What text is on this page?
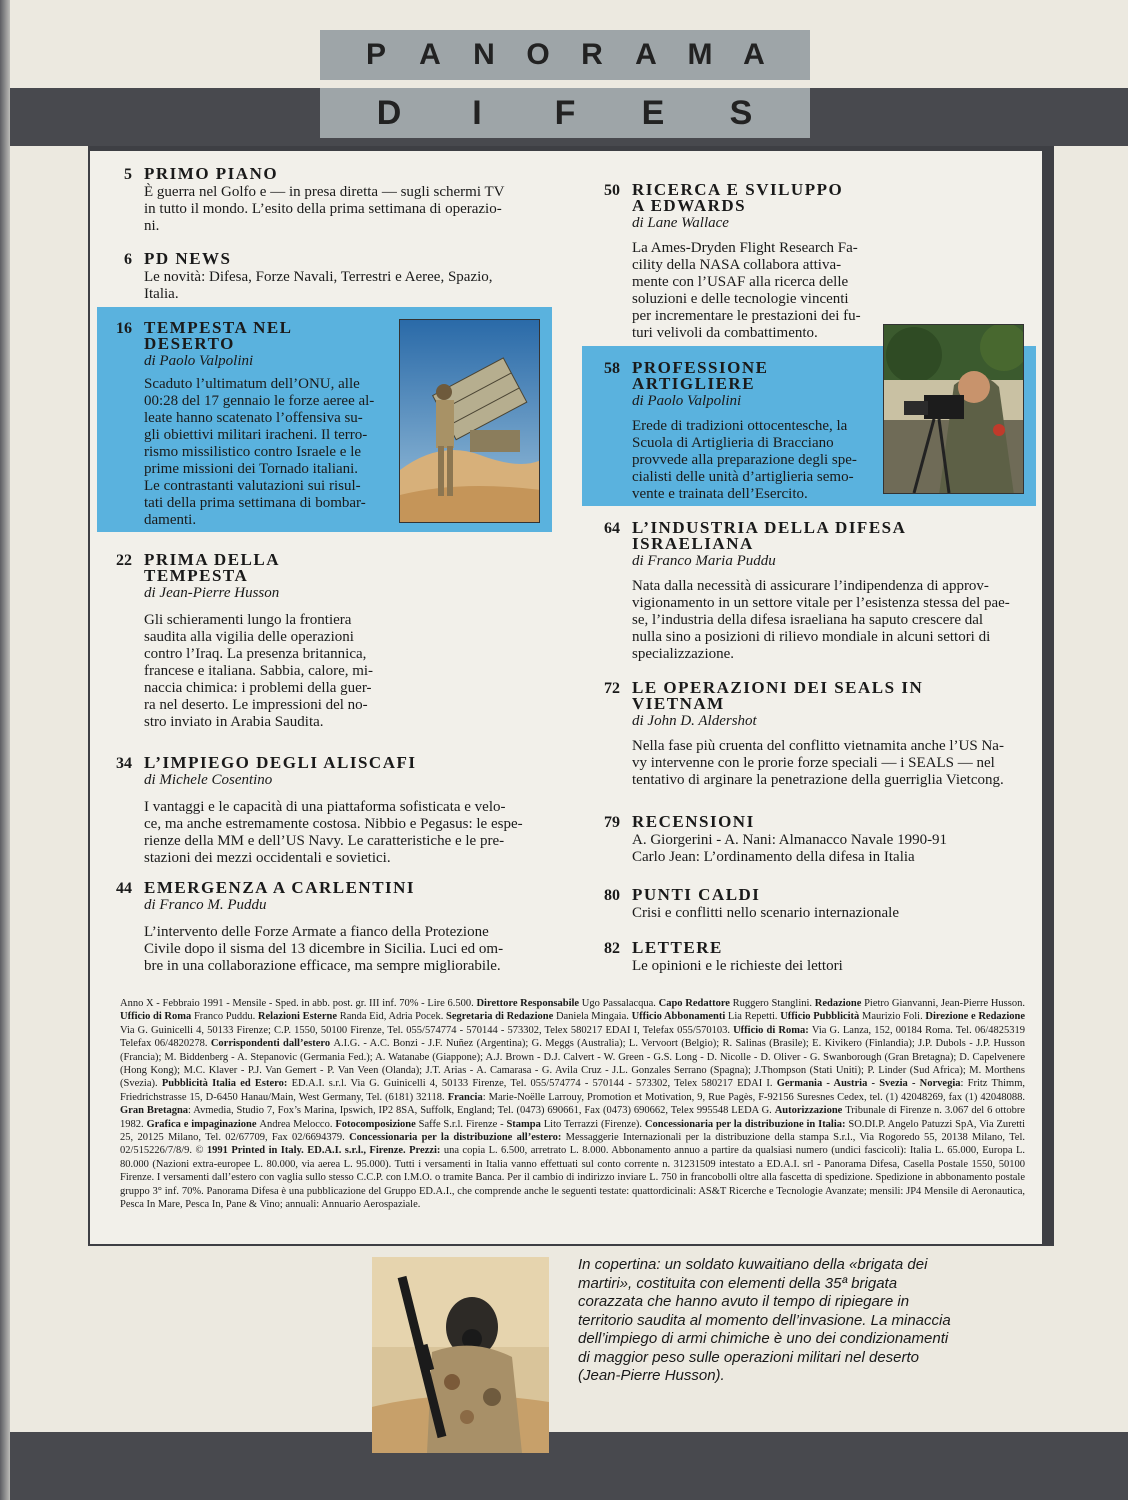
P A N O R A M A
D I F E S
5 PRIMO PIANO
È guerra nel Golfo e — in presa diretta — sugli schermi TV
in tutto il mondo. L’esito della prima settimana di operazio-
ni.
6 PD NEWS
Le novità: Difesa, Forze Navali, Terrestri e Aeree, Spazio,
Italia.
16 TEMPESTA NEL
DESERTO
di Paolo Valpolini
Scaduto l’ultimatum dell’ONU, alle
00:28 del 17 gennaio le forze aeree al-
leate hanno scatenato l’offensiva su-
gli obiettivi militari iracheni. Il terro-
rismo missilistico contro Israele e le
prime missioni dei Tornado italiani.
Le contrastanti valutazioni sui risul-
tati della prima settimana di bombar-
damenti.
22 PRIMA DELLA
TEMPESTA
di Jean-Pierre Husson
Gli schieramenti lungo la frontiera
saudita alla vigilia delle operazioni
contro l’Iraq. La presenza britannica,
francese e italiana. Sabbia, calore, mi-
naccia chimica: i problemi della guer-
ra nel deserto. Le impressioni del no-
stro inviato in Arabia Saudita.
34 L’IMPIEGO DEGLI ALISCAFI
di Michele Cosentino
I vantaggi e le capacità di una piattaforma sofisticata e velo-
ce, ma anche estremamente costosa. Nibbio e Pegasus: le espe-
rienze della MM e dell’US Navy. Le caratteristiche e le pre-
stazioni dei mezzi occidentali e sovietici.
44 EMERGENZA A CARLENTINI
di Franco M. Puddu
L’intervento delle Forze Armate a fianco della Protezione
Civile dopo il sisma del 13 dicembre in Sicilia. Luci ed om-
bre in una collaborazione efficace, ma sempre migliorabile.
50 RICERCA E SVILUPPO
A EDWARDS
di Lane Wallace
La Ames-Dryden Flight Research Fa-
cility della NASA collabora attiva-
mente con l’USAF alla ricerca delle
soluzioni e delle tecnologie vincenti
per incrementare le prestazioni dei fu-
turi velivoli da combattimento.
58 PROFESSIONE
ARTIGLIERE
di Paolo Valpolini
Erede di tradizioni ottocentesche, la
Scuola di Artiglieria di Bracciano
provvede alla preparazione degli spe-
cialisti delle unità d’artiglieria semo-
vente e trainata dell’Esercito.
64 L’INDUSTRIA DELLA DIFESA
ISRAELIANA
di Franco Maria Puddu
Nata dalla necessità di assicurare l’indipendenza di approv-
vigionamento in un settore vitale per l’esistenza stessa del pae-
se, l’industria della difesa israeliana ha saputo crescere dal
nulla sino a posizioni di rilievo mondiale in alcuni settori di
specializzazione.
72 LE OPERAZIONI DEI SEALS IN
VIETNAM
di John D. Aldershot
Nella fase più cruenta del conflitto vietnamita anche l’US Na-
vy intervenne con le prorie forze speciali — i SEALS — nel
tentativo di arginare la penetrazione della guerriglia Vietcong.
79 RECENSIONI
A. Giorgerini - A. Nani: Almanacco Navale 1990-91
Carlo Jean: L’ordinamento della difesa in Italia
80 PUNTI CALDI
Crisi e conflitti nello scenario internazionale
82 LETTERE
Le opinioni e le richieste dei lettori
Anno X - Febbraio 1991 - Mensile - Sped. in abb. post. gr. III inf. 70% - Lire 6.500. Direttore Responsabile Ugo Passalacqua. Capo Redattore Ruggero Stanglini. Redazione Pietro Gianvanni, Jean-Pierre Husson. Ufficio di Roma Franco Puddu. Relazioni Esterne Randa Eid, Adria Pocek. Segretaria di Redazione Daniela Mingaia. Ufficio Abbonamenti Lia Repetti. Ufficio Pubblicità Maurizio Foli. Direzione e Redazione Via G. Guinicelli 4, 50133 Firenze; C.P. 1550, 50100 Firenze, Tel. 055/574774 - 570144 - 573302, Telex 580217 EDAI I, Telefax 055/570103. Ufficio di Roma: Via G. Lanza, 152, 00184 Roma. Tel. 06/4825319 Telefax 06/4820278. Corrispondenti dall’estero A.I.G. - A.C. Bonzi - J.F. Nuñez (Argentina); G. Meggs (Australia); L. Vervoort (Belgio); R. Salinas (Brasile); E. Kivikero (Finlandia); J.P. Dubols - J.P. Husson (Francia); M. Biddenberg - A. Stepanovic (Germania Fed.); A. Watanabe (Giappone); A.J. Brown - D.J. Calvert - W. Green - G.S. Long - D. Nicolle - D. Oliver - G. Swanborough (Gran Bretagna); D. Capelvenere (Hong Kong); M.C. Klaver - P.J. Van Gemert - P. Van Veen (Olanda); J.T. Arias - A. Camarasa - G. Avila Cruz - J.L. Gonzales Serrano (Spagna); J.Thompson (Stati Uniti); P. Linder (Sud Africa); M. Morthens (Svezia). Pubblicità Italia ed Estero: ED.A.I. s.r.l. Via G. Guinicelli 4, 50133 Firenze, Tel. 055/574774 - 570144 - 573302, Telex 580217 EDAI I. Germania - Austria - Svezia - Norvegia: Fritz Thimm, Friedrichstrasse 15, D-6450 Hanau/Main, West Germany, Tel. (6181) 32118. Francia: Marie-Noëlle Larrouy, Promotion et Motivation, 9, Rue Pagès, F-92156 Suresnes Cedex, tel. (1) 42048269, fax (1) 42048088. Gran Bretagna: Avmedia, Studio 7, Fox’s Marina, Ipswich, IP2 8SA, Suffolk, England; Tel. (0473) 690661, Fax (0473) 690662, Telex 995548 LEDA G. Autorizzazione Tribunale di Firenze n. 3.067 del 6 ottobre 1982. Grafica e impaginazione Andrea Melocco. Fotocomposizione Saffe S.r.l. Firenze - Stampa Lito Terrazzi (Firenze). Concessionaria per la distribuzione in Italia: SO.DI.P. Angelo Patuzzi SpA, Via Zuretti 25, 20125 Milano, Tel. 02/67709, Fax 02/6694379. Concessionaria per la distribuzione all’estero: Messaggerie Internazionali per la distribuzione della stampa S.r.l., Via Rogoredo 55, 20138 Milano, Tel. 02/515226/7/8/9. © 1991 Printed in Italy. ED.A.I. s.r.l., Firenze. Prezzi: una copia L. 6.500, arretrato L. 8.000. Abbonamento annuo a partire da qualsiasi numero (undici fascicoli): Italia L. 65.000, Europa L. 80.000 (Nazioni extra-europee L. 80.000, via aerea L. 95.000). Tutti i versamenti in Italia vanno effettuati sul conto corrente n. 31231509 intestato a ED.A.I. srl - Panorama Difesa, Casella Postale 1550, 50100 Firenze. I versamenti dall’estero con vaglia sullo stesso C.C.P. con I.M.O. o tramite Banca. Per il cambio di indirizzo inviare L. 750 in francobolli oltre alla fascetta di spedizione. Spedizione in abbonamento postale gruppo 3° inf. 70%. Panorama Difesa è una pubblicazione del Gruppo ED.A.I., che comprende anche le seguenti testate: quattordicinali: AS&T Ricerche e Tecnologie Avanzate; mensili: JP4 Mensile di Aeronautica, Pesca In Mare, Pesca In, Pane & Vino; annuali: Annuario Aerospaziale.
In copertina: un soldato kuwaitiano della «brigata dei
martiri», costituita con elementi della 35ª brigata
corazzata che hanno avuto il tempo di ripiegare in
territorio saudita al momento dell’invasione. La minaccia
dell’impiego di armi chimiche è uno dei condizionamenti
di maggior peso sulle operazioni militari nel deserto
(Jean-Pierre Husson).
